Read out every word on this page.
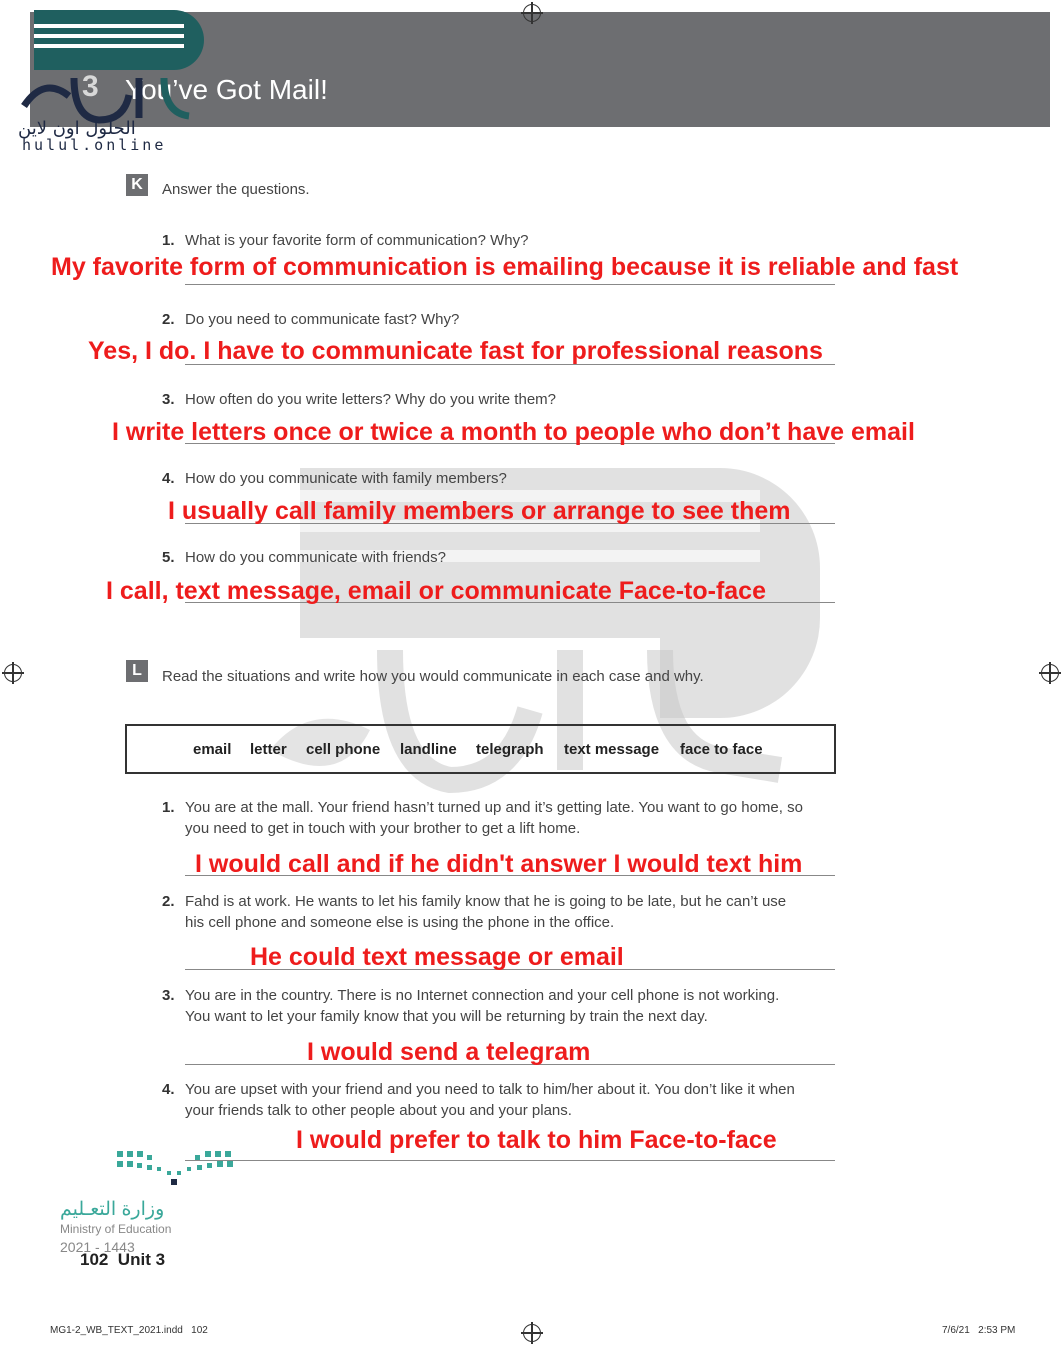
3 You’ve Got Mail!
الحلول اون لاين
hulul.online
K	Answer the questions.
1. What is your favorite form of communication? Why?
My favorite form of communication is emailing because it is reliable and fast
2. Do you need to communicate fast? Why?
Yes, I do. I have to communicate fast for professional reasons
3. How often do you write letters? Why do you write them?
I write letters once or twice a month to people who don’t have email
4. How do you communicate with family members?
I usually call family members or arrange to see them
5. How do you communicate with friends?
I call, text message, email or communicate Face-to-face
L	Read the situations and write how you would communicate in each case and why.
email letter cell phone landline telegraph text message face to face
1. You are at the mall. Your friend hasn’t turned up and it’s getting late. You want to go home, so
you need to get in touch with your brother to get a lift home.
I would call and if he didn't answer I would text him
2. Fahd is at work. He wants to let his family know that he is going to be late, but he can’t use
his cell phone and someone else is using the phone in the office.
He could text message or email
3. You are in the country. There is no Internet connection and your cell phone is not working.
You want to let your family know that you will be returning by train the next day.
I would send a telegram
4. You are upset with your friend and you need to talk to him/her about it. You don’t like it when
your friends talk to other people about you and your plans.
I would prefer to talk to him Face-to-face
وزارة التعـليم
Ministry of Education
2021 - 1443
102  Unit 3
MG1-2_WB_TEXT_2021.indd   102	7/6/21   2:53 PM
